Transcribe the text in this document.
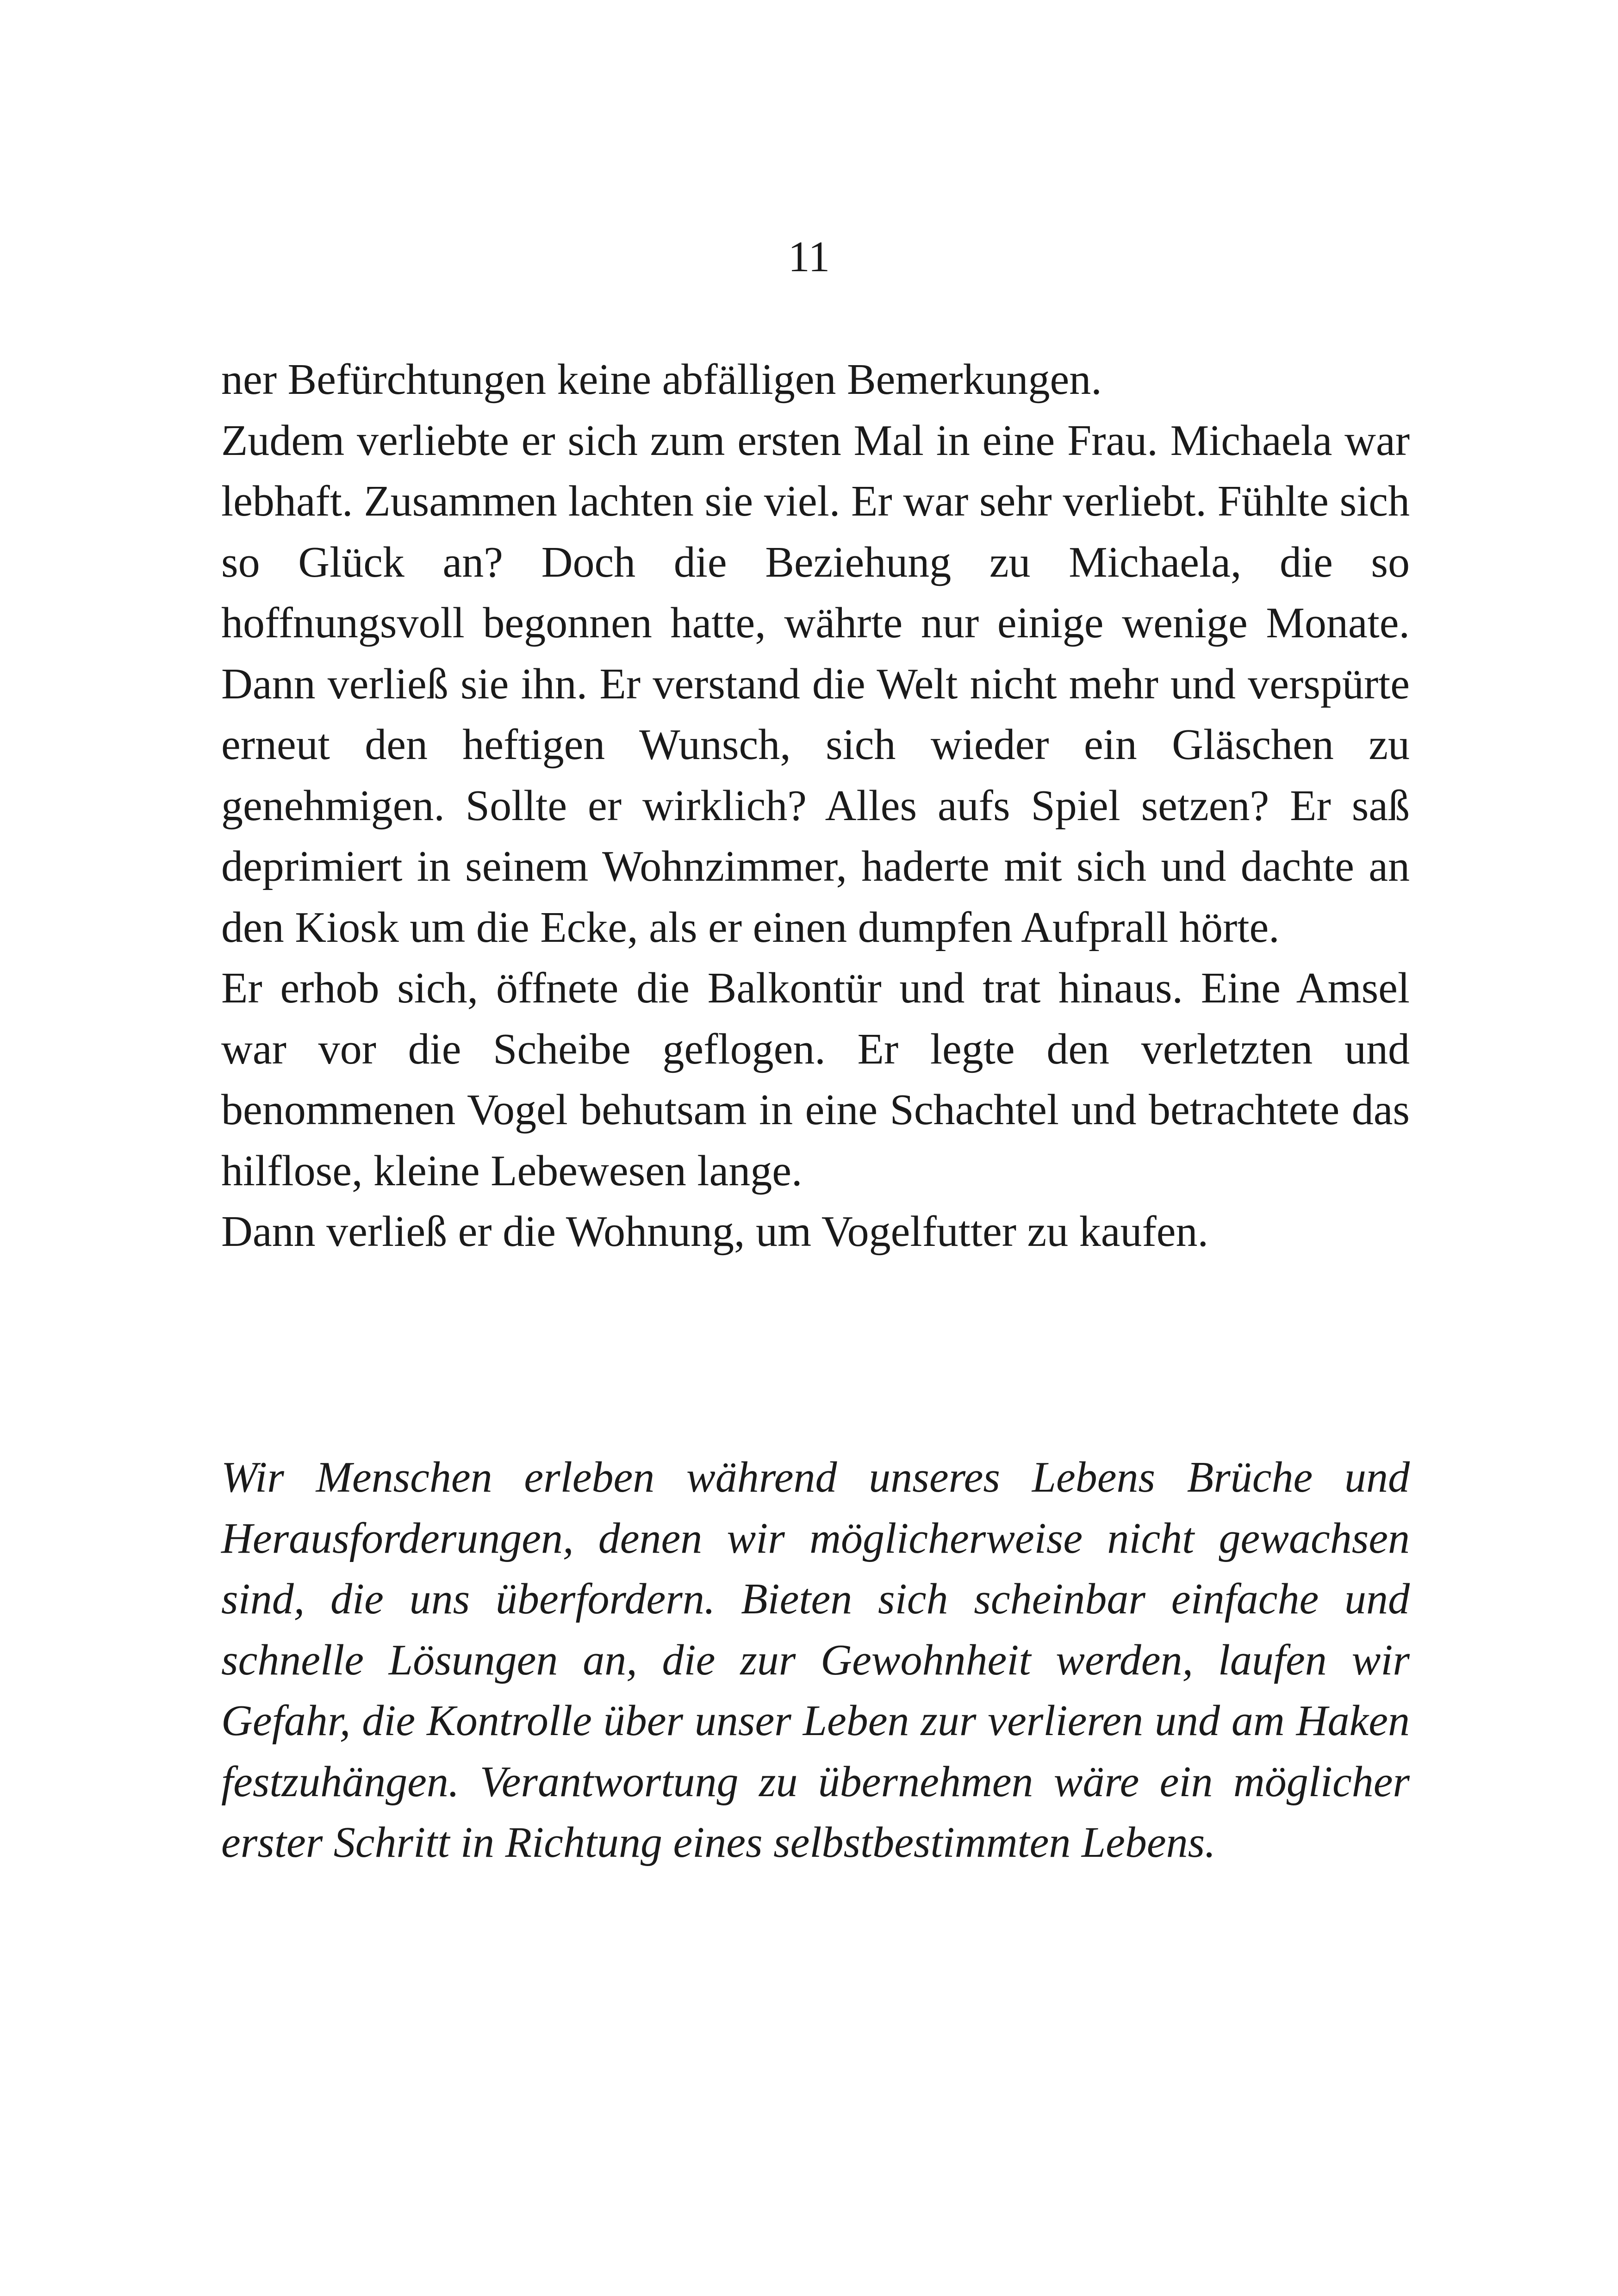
11

ner Befürchtungen keine abfälligen Bemerkungen.

Zudem verliebte er sich zum ersten Mal in eine Frau. Michaela war lebhaft. Zusammen lachten sie viel. Er war sehr verliebt. Fühlte sich so Glück an? Doch die Beziehung zu Michaela, die so hoffnungsvoll begonnen hatte, währte nur einige wenige Monate. Dann verließ sie ihn. Er verstand die Welt nicht mehr und verspürte erneut den heftigen Wunsch, sich wieder ein Gläschen zu genehmigen. Sollte er wirklich? Alles aufs Spiel setzen? Er saß deprimiert in seinem Wohnzimmer, haderte mit sich und dachte an den Kiosk um die Ecke, als er einen dumpfen Aufprall hörte.

Er erhob sich, öffnete die Balkontür und trat hinaus. Eine Amsel war vor die Scheibe geflogen. Er legte den verletzten und benommenen Vogel behutsam in eine Schachtel und betrachtete das hilflose, kleine Lebewesen lange.

Dann verließ er die Wohnung, um Vogelfutter zu kaufen.

Wir Menschen erleben während unseres Lebens Brüche und Herausforderungen, denen wir möglicherweise nicht gewachsen sind, die uns überfordern. Bieten sich scheinbar einfache und schnelle Lösungen an, die zur Gewohnheit werden, laufen wir Gefahr, die Kontrolle über unser Leben zur verlieren und am Haken festzuhängen. Verantwortung zu übernehmen wäre ein möglicher erster Schritt in Richtung eines selbstbestimmten Lebens.
